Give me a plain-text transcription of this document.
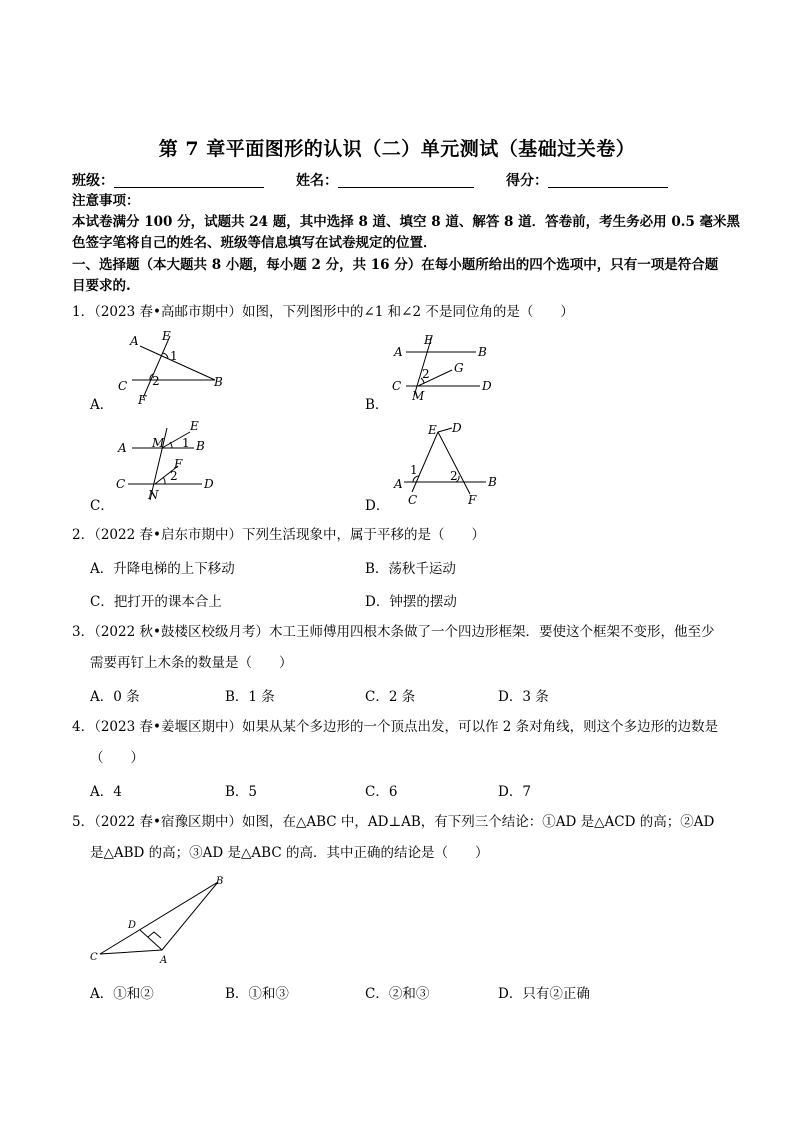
第 7 章平面图形的认识（二）单元测试（基础过关卷）
班级：	姓名：	得分：
注意事项：
本试卷满分 100 分，试题共 24 题，其中选择 8 道、填空 8 道、解答 8 道．答卷前，考生务必用 0.5 毫米黑
色签字笔将自己的姓名、班级等信息填写在试卷规定的位置．
一、选择题（本大题共 8 小题，每小题 2 分，共 16 分）在每小题所给出的四个选项中，只有一项是符合题
目要求的.
1．（2023 春•高邮市期中）如图，下列图形中的∠1 和∠2 不是同位角的是（　　）
A．	B．
C．	D．
A E
1
C 2	B
F
A
E
B
G
2
C	D
M
E
A M 1 B
F
2
C
N
D
E D
1	2
A
C
B
F
2．（2022 春•启东市期中）下列生活现象中，属于平移的是（　　）
A．升降电梯的上下移动	B．荡秋千运动
C．把打开的课本合上	D．钟摆的摆动
3．（2022 秋•鼓楼区校级月考）木工王师傅用四根木条做了一个四边形框架．要使这个框架不变形，他至少
需要再钉上木条的数量是（　　）
A．0 条	B．1 条	C．2 条	D．3 条
4．（2023 春•姜堰区期中）如果从某个多边形的一个顶点出发，可以作 2 条对角线，则这个多边形的边数是
（　　）
A．4	B．5	C．6	D．7
5．（2022 春•宿豫区期中）如图，在△ABC 中，AD⊥AB，有下列三个结论：①AD 是△ACD 的高；②AD
是△ABD 的高；③AD 是△ABC 的高．其中正确的结论是（　　）
B
D
C	A
A．①和②	B．①和③	C．②和③	D．只有②正确
